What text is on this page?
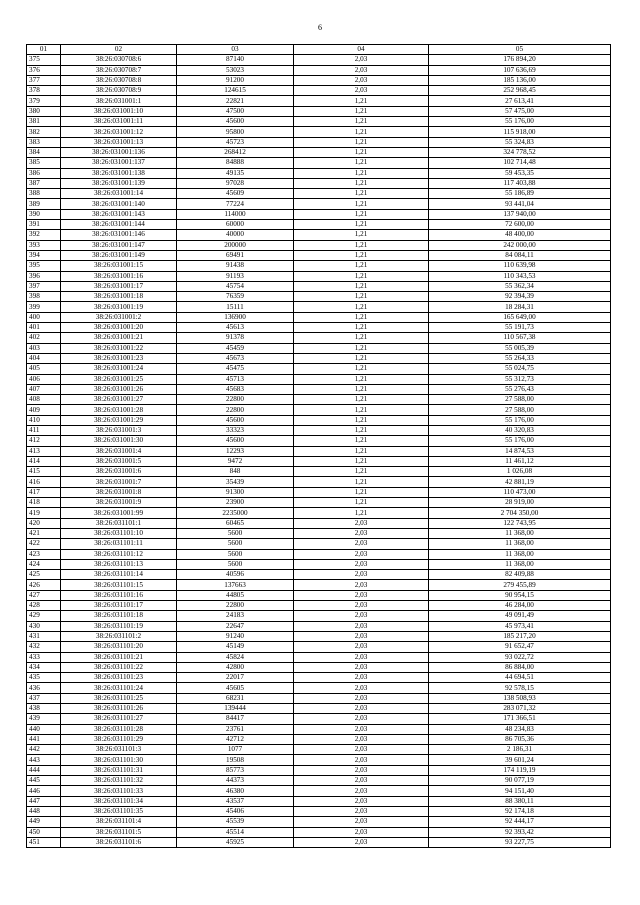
6
01	02	03	04	05
375	38:26:030708:6	87140	2,03	176 894,20
376	38:26:030708:7	53023	2,03	107 636,69
377	38:26:030708:8	91200	2,03	185 136,00
378	38:26:030708:9	124615	2,03	252 968,45
379	38:26:031001:1	22821	1,21	27 613,41
380	38:26:031001:10	47500	1,21	57 475,00
381	38:26:031001:11	45600	1,21	55 176,00
382	38:26:031001:12	95800	1,21	115 918,00
383	38:26:031001:13	45723	1,21	55 324,83
384	38:26:031001:136	268412	1,21	324 778,52
385	38:26:031001:137	84888	1,21	102 714,48
386	38:26:031001:138	49135	1,21	59 453,35
387	38:26:031001:139	97028	1,21	117 403,88
388	38:26:031001:14	45609	1,21	55 186,89
389	38:26:031001:140	77224	1,21	93 441,04
390	38:26:031001:143	114000	1,21	137 940,00
391	38:26:031001:144	60000	1,21	72 600,00
392	38:26:031001:146	40000	1,21	48 400,00
393	38:26:031001:147	200000	1,21	242 000,00
394	38:26:031001:149	69491	1,21	84 084,11
395	38:26:031001:15	91438	1,21	110 639,98
396	38:26:031001:16	91193	1,21	110 343,53
397	38:26:031001:17	45754	1,21	55 362,34
398	38:26:031001:18	76359	1,21	92 394,39
399	38:26:031001:19	15111	1,21	18 284,31
400	38:26:031001:2	136900	1,21	165 649,00
401	38:26:031001:20	45613	1,21	55 191,73
402	38:26:031001:21	91378	1,21	110 567,38
403	38:26:031001:22	45459	1,21	55 005,39
404	38:26:031001:23	45673	1,21	55 264,33
405	38:26:031001:24	45475	1,21	55 024,75
406	38:26:031001:25	45713	1,21	55 312,73
407	38:26:031001:26	45683	1,21	55 276,43
408	38:26:031001:27	22800	1,21	27 588,00
409	38:26:031001:28	22800	1,21	27 588,00
410	38:26:031001:29	45600	1,21	55 176,00
411	38:26:031001:3	33323	1,21	40 320,83
412	38:26:031001:30	45600	1,21	55 176,00
413	38:26:031001:4	12293	1,21	14 874,53
414	38:26:031001:5	9472	1,21	11 461,12
415	38:26:031001:6	848	1,21	1 026,08
416	38:26:031001:7	35439	1,21	42 881,19
417	38:26:031001:8	91300	1,21	110 473,00
418	38:26:031001:9	23900	1,21	28 919,00
419	38:26:031001:99	2235000	1,21	2 704 350,00
420	38:26:031101:1	60465	2,03	122 743,95
421	38:26:031101:10	5600	2,03	11 368,00
422	38:26:031101:11	5600	2,03	11 368,00
423	38:26:031101:12	5600	2,03	11 368,00
424	38:26:031101:13	5600	2,03	11 368,00
425	38:26:031101:14	40596	2,03	82 409,88
426	38:26:031101:15	137663	2,03	279 455,89
427	38:26:031101:16	44805	2,03	90 954,15
428	38:26:031101:17	22800	2,03	46 284,00
429	38:26:031101:18	24183	2,03	49 091,49
430	38:26:031101:19	22647	2,03	45 973,41
431	38:26:031101:2	91240	2,03	185 217,20
432	38:26:031101:20	45149	2,03	91 652,47
433	38:26:031101:21	45824	2,03	93 022,72
434	38:26:031101:22	42800	2,03	86 884,00
435	38:26:031101:23	22017	2,03	44 694,51
436	38:26:031101:24	45605	2,03	92 578,15
437	38:26:031101:25	68231	2,03	138 508,93
438	38:26:031101:26	139444	2,03	283 071,32
439	38:26:031101:27	84417	2,03	171 366,51
440	38:26:031101:28	23761	2,03	48 234,83
441	38:26:031101:29	42712	2,03	86 705,36
442	38:26:031101:3	1077	2,03	2 186,31
443	38:26:031101:30	19508	2,03	39 601,24
444	38:26:031101:31	85773	2,03	174 119,19
445	38:26:031101:32	44373	2,03	90 077,19
446	38:26:031101:33	46380	2,03	94 151,40
447	38:26:031101:34	43537	2,03	88 380,11
448	38:26:031101:35	45406	2,03	92 174,18
449	38:26:031101:4	45539	2,03	92 444,17
450	38:26:031101:5	45514	2,03	92 393,42
451	38:26:031101:6	45925	2,03	93 227,75
